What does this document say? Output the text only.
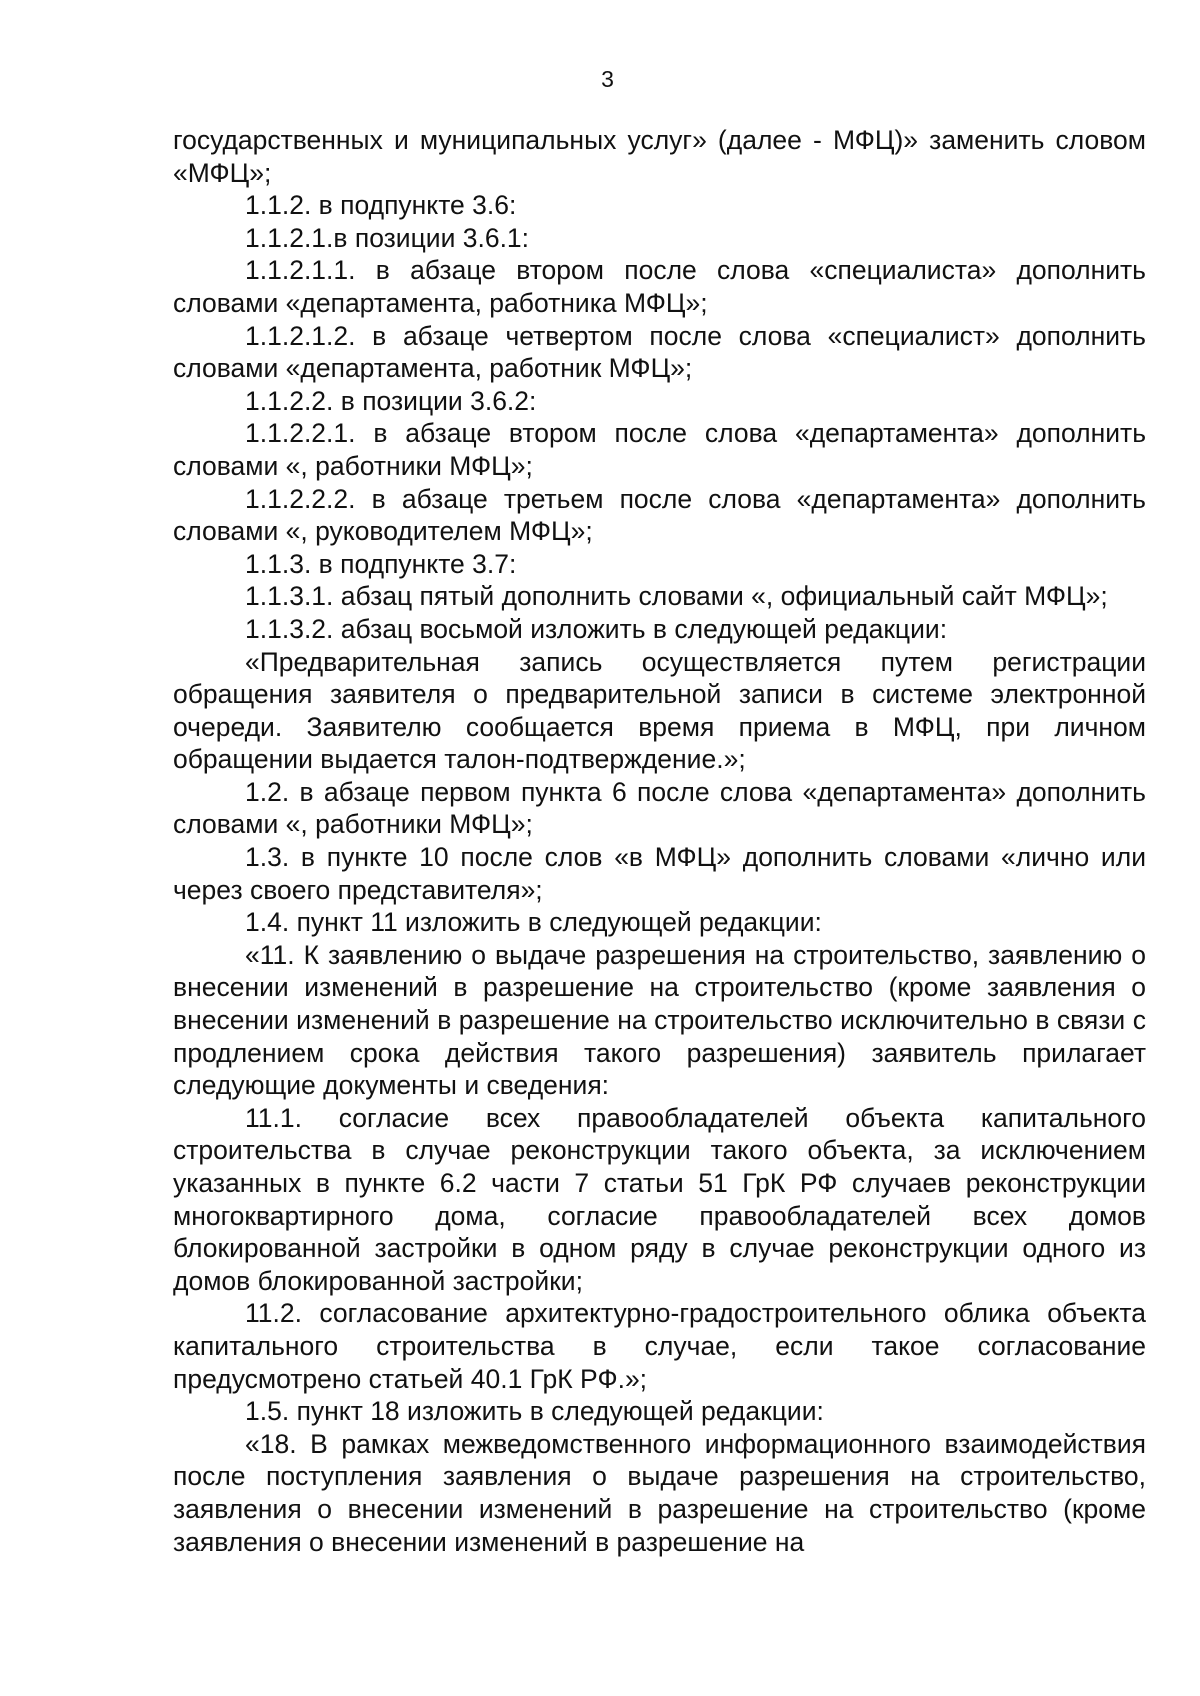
3

государственных и муниципальных услуг» (далее - МФЦ)» заменить словом «МФЦ»;

1.1.2. в подпункте 3.6:

1.1.2.1.в позиции 3.6.1:

1.1.2.1.1. в абзаце втором после слова «специалиста» дополнить словами «департамента, работника МФЦ»;

1.1.2.1.2. в абзаце четвертом после слова «специалист» дополнить словами «департамента, работник МФЦ»;

1.1.2.2. в позиции 3.6.2:

1.1.2.2.1. в абзаце втором после слова «департамента» дополнить словами «, работники МФЦ»;

1.1.2.2.2. в абзаце третьем после слова «департамента» дополнить словами «, руководителем МФЦ»;

1.1.3. в подпункте 3.7:

1.1.3.1. абзац пятый дополнить словами «, официальный сайт МФЦ»;

1.1.3.2. абзац восьмой изложить в следующей редакции:

«Предварительная запись осуществляется путем регистрации обращения заявителя о предварительной записи в системе электронной очереди. Заявителю сообщается время приема в МФЦ, при личном обращении выдается талон-подтверждение.»;

1.2. в абзаце первом пункта 6 после слова «департамента» дополнить словами «, работники МФЦ»;

1.3. в пункте 10 после слов «в МФЦ» дополнить словами «лично или через своего представителя»;

1.4. пункт 11 изложить в следующей редакции:

«11. К заявлению о выдаче разрешения на строительство, заявлению о внесении изменений в разрешение на строительство (кроме заявления о внесении изменений в разрешение на строительство исключительно в связи с продлением срока действия такого разрешения) заявитель прилагает следующие документы и сведения:

11.1. согласие всех правообладателей объекта капитального строительства в случае реконструкции такого объекта, за исключением указанных в пункте 6.2 части 7 статьи 51 ГрК РФ случаев реконструкции многоквартирного дома, согласие правообладателей всех домов блокированной застройки в одном ряду в случае реконструкции одного из домов блокированной застройки;

11.2. согласование архитектурно-градостроительного облика объекта капитального строительства в случае, если такое согласование предусмотрено статьей 40.1 ГрК РФ.»;

1.5. пункт 18 изложить в следующей редакции:

«18. В рамках межведомственного информационного взаимодействия после поступления заявления о выдаче разрешения на строительство, заявления о внесении изменений в разрешение на строительство (кроме заявления о внесении изменений в разрешение на
